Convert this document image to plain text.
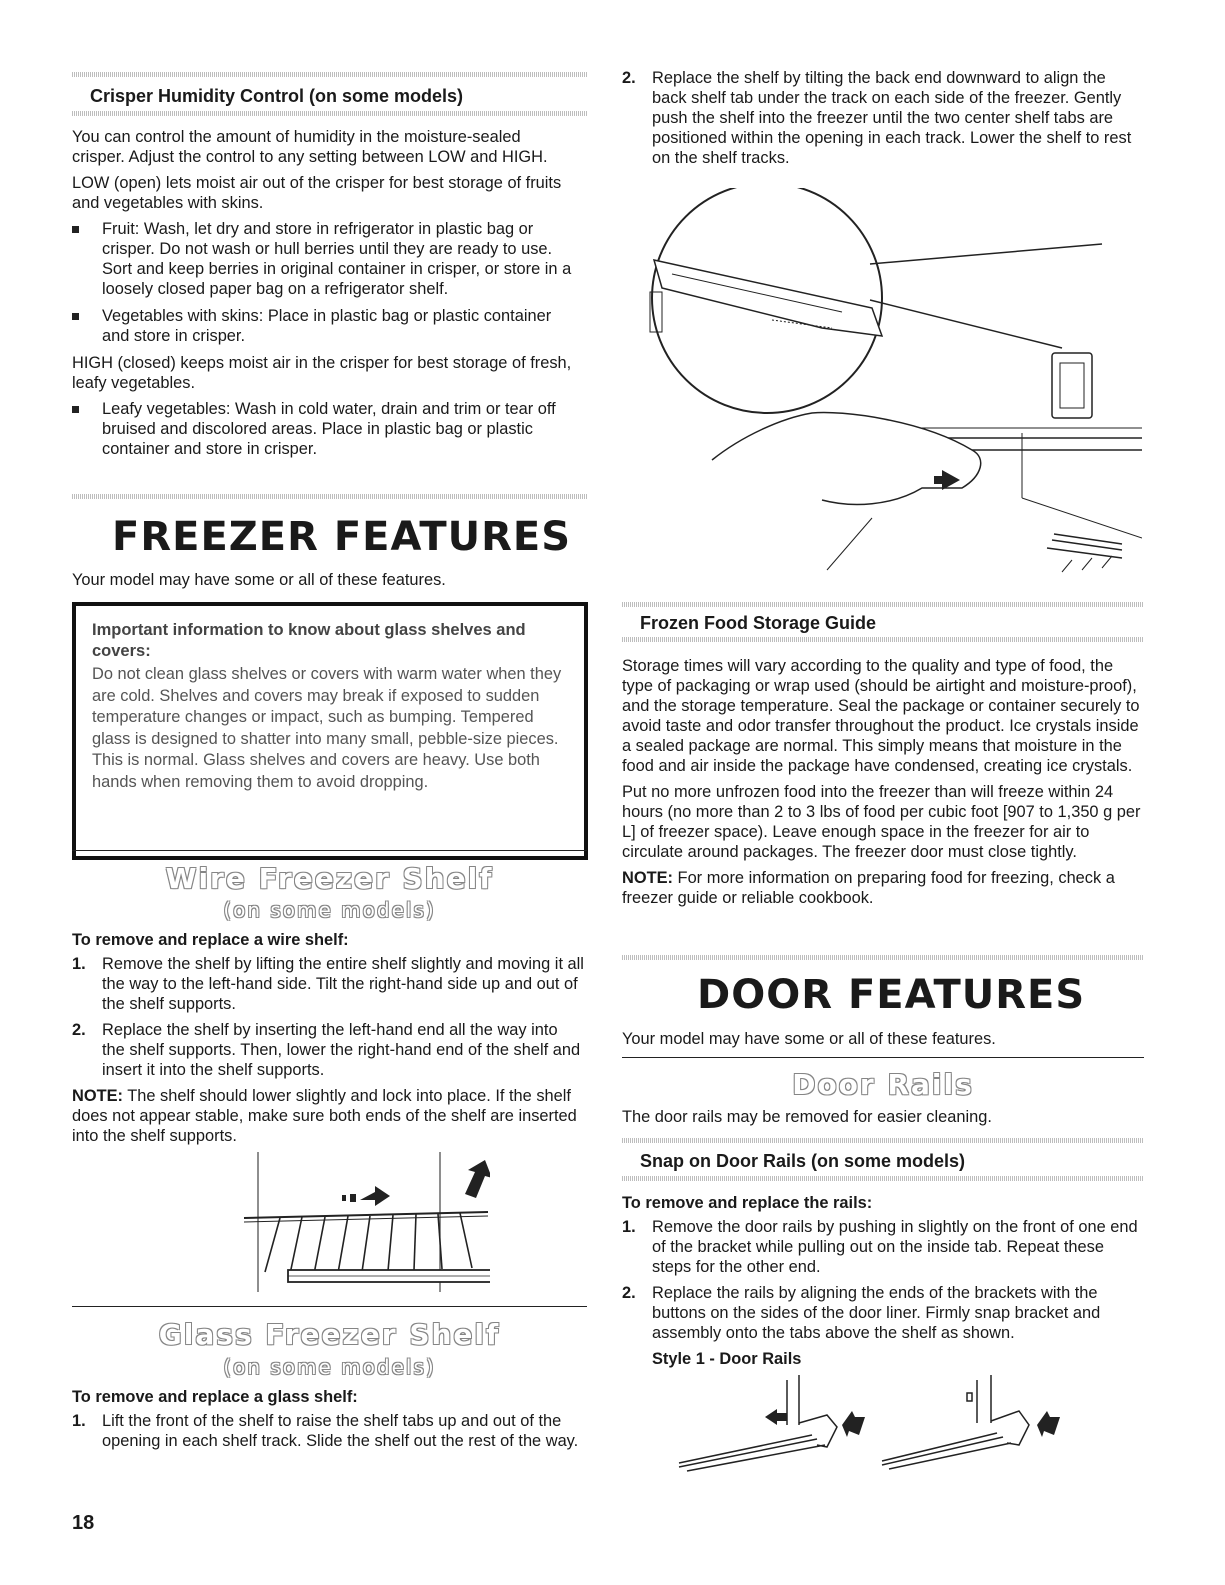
Crisper Humidity Control (on some models)

You can control the amount of humidity in the moisture-sealed crisper. Adjust the control to any setting between LOW and HIGH.

LOW (open) lets moist air out of the crisper for best storage of fruits and vegetables with skins.

Fruit: Wash, let dry and store in refrigerator in plastic bag or crisper. Do not wash or hull berries until they are ready to use. Sort and keep berries in original container in crisper, or store in a loosely closed paper bag on a refrigerator shelf.
Vegetables with skins: Place in plastic bag or plastic container and store in crisper.

HIGH (closed) keeps moist air in the crisper for best storage of fresh, leafy vegetables.

Leafy vegetables: Wash in cold water, drain and trim or tear off bruised and discolored areas. Place in plastic bag or plastic container and store in crisper.
FREEZER FEATURES

Your model may have some or all of these features.

Important information to know about glass shelves and covers:

Do not clean glass shelves or covers with warm water when they are cold. Shelves and covers may break if exposed to sudden temperature changes or impact, such as bumping. Tempered glass is designed to shatter into many small, pebble-size pieces. This is normal. Glass shelves and covers are heavy. Use both hands when removing them to avoid dropping.

Wire Freezer Shelf
(on some models)

To remove and replace a wire shelf:

1. Remove the shelf by lifting the entire shelf slightly and moving it all the way to the left-hand side. Tilt the right-hand side up and out of the shelf supports.
2. Replace the shelf by inserting the left-hand end all the way into the shelf supports. Then, lower the right-hand end of the shelf and insert it into the shelf supports.

NOTE: The shelf should lower slightly and lock into place. If the shelf does not appear stable, make sure both ends of the shelf are inserted into the shelf supports.

Glass Freezer Shelf
(on some models)

To remove and replace a glass shelf:

1. Lift the front of the shelf to raise the shelf tabs up and out of the opening in each shelf track. Slide the shelf out the rest of the way.
18
2. Replace the shelf by tilting the back end downward to align the back shelf tab under the track on each side of the freezer. Gently push the shelf into the freezer until the two center shelf tabs are positioned within the opening in each track. Lower the shelf to rest on the shelf tracks.
Frozen Food Storage Guide

Storage times will vary according to the quality and type of food, the type of packaging or wrap used (should be airtight and moisture-proof), and the storage temperature. Seal the package or container securely to avoid taste and odor transfer throughout the product. Ice crystals inside a sealed package are normal. This simply means that moisture in the food and air inside the package have condensed, creating ice crystals.

Put no more unfrozen food into the freezer than will freeze within 24 hours (no more than 2 to 3 lbs of food per cubic foot [907 to 1,350 g per L] of freezer space). Leave enough space in the freezer for air to circulate around packages. The freezer door must close tightly.

NOTE: For more information on preparing food for freezing, check a freezer guide or reliable cookbook.

DOOR FEATURES

Your model may have some or all of these features.

Door Rails

The door rails may be removed for easier cleaning.

Snap on Door Rails (on some models)

To remove and replace the rails:

1. Remove the door rails by pushing in slightly on the front of one end of the bracket while pulling out on the inside tab. Repeat these steps for the other end.
2. Replace the rails by aligning the ends of the brackets with the buttons on the sides of the door liner. Firmly snap bracket and assembly onto the tabs above the shelf as shown.

Style 1 - Door Rails
